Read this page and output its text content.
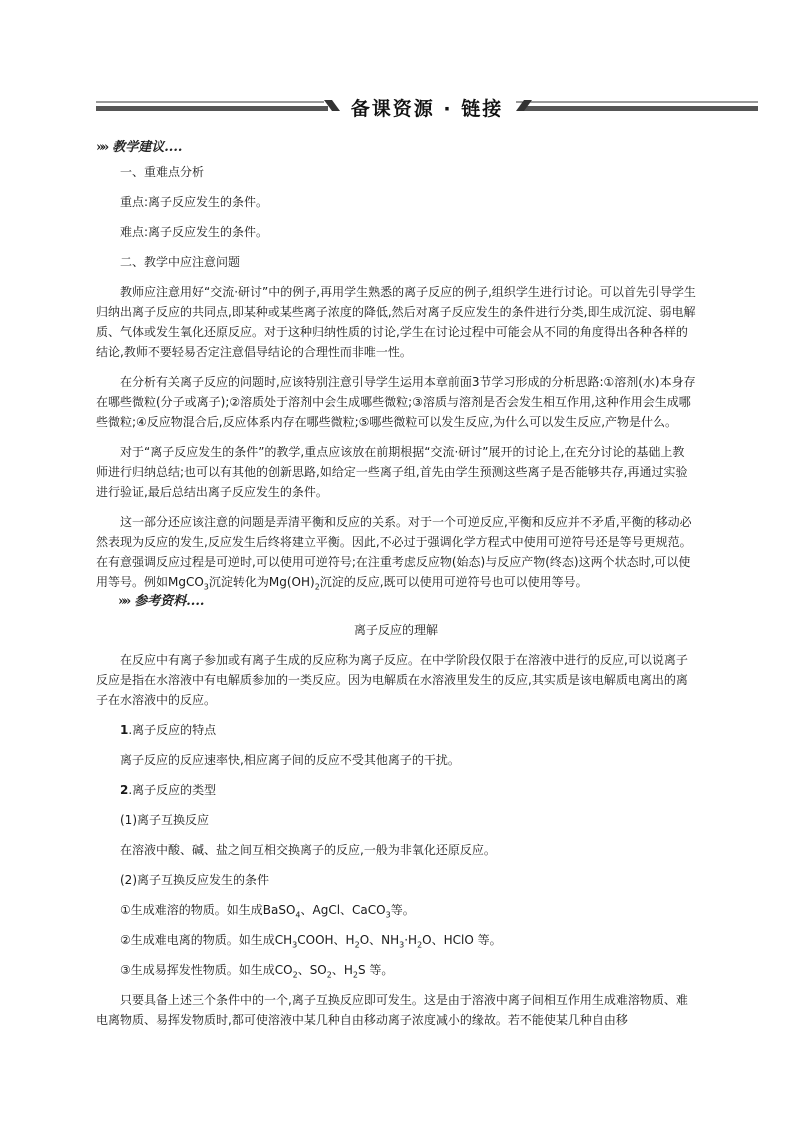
备课资源 · 链接
»» 教学建议....

一、重难点分析

重点:离子反应发生的条件。

难点:离子反应发生的条件。

二、教学中应注意问题

教师应注意用好“交流·研讨”中的例子,再用学生熟悉的离子反应的例子,组织学生进行讨论。可以首先引导学生归纳出离子反应的共同点,即某种或某些离子浓度的降低,然后对离子反应发生的条件进行分类,即生成沉淀、弱电解质、气体或发生氧化还原反应。对于这种归纳性质的讨论,学生在讨论过程中可能会从不同的角度得出各种各样的结论,教师不要轻易否定注意倡导结论的合理性而非唯一性。

在分析有关离子反应的问题时,应该特别注意引导学生运用本章前面3节学习形成的分析思路:①溶剂(水)本身存在哪些微粒(分子或离子);②溶质处于溶剂中会生成哪些微粒;③溶质与溶剂是否会发生相互作用,这种作用会生成哪些微粒;④反应物混合后,反应体系内存在哪些微粒;⑤哪些微粒可以发生反应,为什么可以发生反应,产物是什么。

对于“离子反应发生的条件”的教学,重点应该放在前期根据“交流·研讨”展开的讨论上,在充分讨论的基础上教师进行归纳总结;也可以有其他的创新思路,如给定一些离子组,首先由学生预测这些离子是否能够共存,再通过实验进行验证,最后总结出离子反应发生的条件。

这一部分还应该注意的问题是弄清平衡和反应的关系。对于一个可逆反应,平衡和反应并不矛盾,平衡的移动必然表现为反应的发生,反应发生后终将建立平衡。因此,不必过于强调化学方程式中使用可逆符号还是等号更规范。在有意强调反应过程是可逆时,可以使用可逆符号;在注重考虑反应物(始态)与反应产物(终态)这两个状态时,可以使用等号。例如MgCO$_3$沉淀转化为$Mg(OH)_2$沉淀的反应,既可以使用可逆符号也可以使用等号。

»» 参考资料....

离子反应的理解

在反应中有离子参加或有离子生成的反应称为离子反应。在中学阶段仅限于在溶液中进行的反应,可以说离子反应是指在水溶液中有电解质参加的一类反应。因为电解质在水溶液里发生的反应,其实质是该电解质电离出的离子在水溶液中的反应。

1.离子反应的特点

离子反应的反应速率快,相应离子间的反应不受其他离子的干扰。

2.离子反应的类型

(1)离子互换反应

在溶液中酸、碱、盐之间互相交换离子的反应,一般为非氧化还原反应。

(2)离子互换反应发生的条件

①生成难溶的物质。如生成BaSO$_4$、AgCl、CaCO$_3$等。

②生成难电离的物质。如生成$CH_3COOH$、$H_2O$、$NH_3\cdot H_2O$、HClO 等。

③生成易挥发性物质。如生成$CO_2$、$SO_2$、$H_2S$ 等。

只要具备上述三个条件中的一个,离子互换反应即可发生。这是由于溶液中离子间相互作用生成难溶物质、难电离物质、易挥发物质时,都可使溶液中某几种自由移动离子浓度减小的缘故。若不能使某几种自由移
